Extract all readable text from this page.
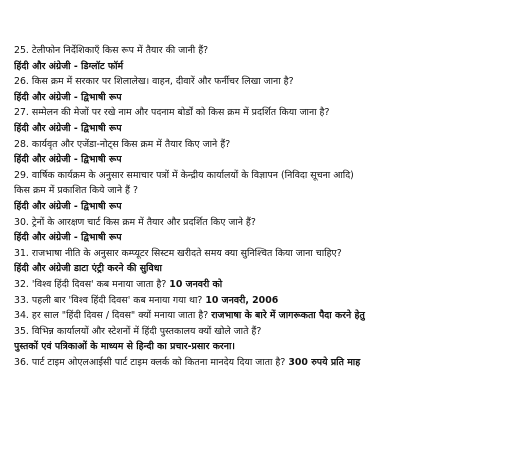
25. टेलीफोन निर्देशिकाएँ किस रूप में तैयार की जानी हैं?
हिंदी और अंग्रेजी - डिग्लॉट फॉर्म
26. किस क्रम में सरकार पर शिलालेख। वाहन, दीवारें और फर्नीचर लिखा जाना है?
हिंदी और अंग्रेजी - द्विभाषी रूप
27. सम्मेलन की मेजों पर रखे नाम और पदनाम बोर्डों को किस क्रम में प्रदर्शित किया जाना है?
हिंदी और अंग्रेजी - द्विभाषी रूप
28. कार्यवृत और एजेंडा-नोट्स किस क्रम में तैयार किए जाने हैं?
हिंदी और अंग्रेजी - द्विभाषी रूप
29. वार्षिक कार्यक्रम के अनुसार समाचार पत्रों में केन्द्रीय कार्यालयों के विज्ञापन (निविदा सूचना आदि)
किस क्रम में प्रकाशित किये जाने हैं ?
हिंदी और अंग्रेजी - द्विभाषी रूप
30. ट्रेनों के आरक्षण चार्ट किस क्रम में तैयार और प्रदर्शित किए जाने हैं?
हिंदी और अंग्रेजी - द्विभाषी रूप
31. राजभाषा नीति के अनुसार कम्प्यूटर सिस्टम खरीदते समय क्या सुनिश्चित किया जाना चाहिए?
हिंदी और अंग्रेजी डाटा एंट्री करने की सुविधा
32. 'विश्व हिंदी दिवस' कब मनाया जाता है? 10 जनवरी को
33. पहली बार 'विश्व हिंदी दिवस' कब मनाया गया था? 10 जनवरी, 2006
34. हर साल "हिंदी दिवस / दिवस" क्यों मनाया जाता है? राजभाषा के बारे में जागरूकता पैदा करने हेतु
35. विभिन्न कार्यालयों और स्टेशनों में हिंदी पुस्तकालय क्यों खोले जाते हैं?
पुस्तकों एवं पत्रिकाओं के माध्यम से हिन्दी का प्रचार-प्रसार करना।
36. पार्ट टाइम ओएलआईसी पार्ट टाइम क्लर्क को कितना मानदेय दिया जाता है? 300 रुपये प्रति माह
